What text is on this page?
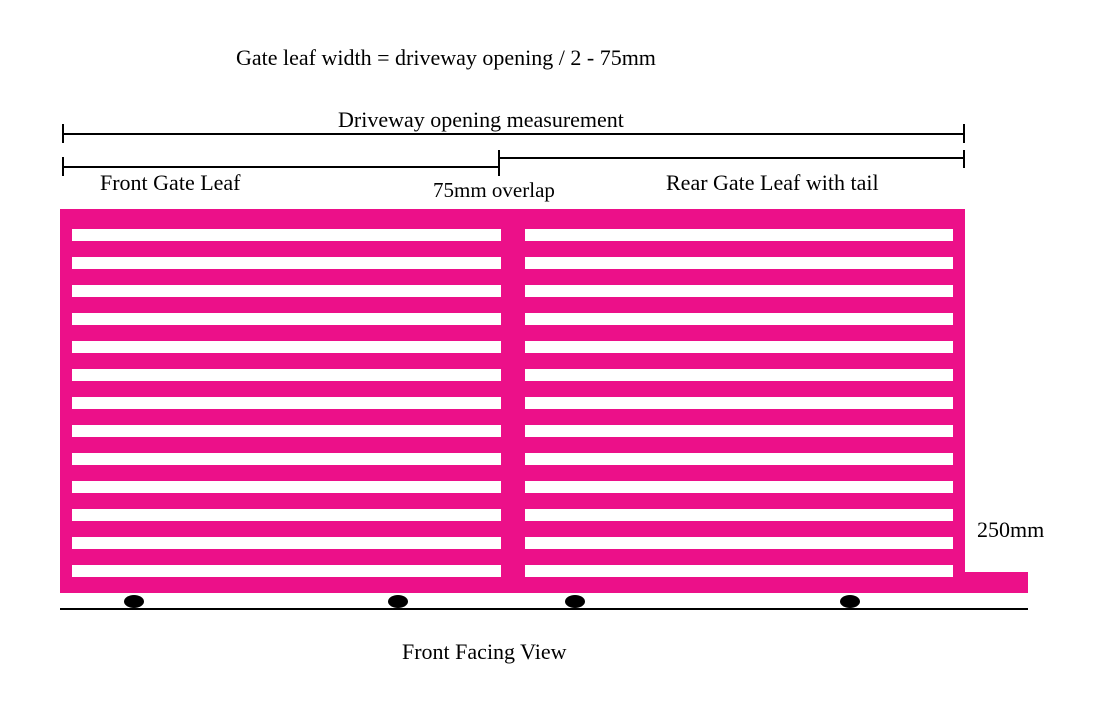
Gate leaf width = driveway opening / 2 - 75mm
Driveway opening measurement
Front Gate Leaf	75mm overlap	Rear Gate Leaf with tail
250mm
Front Facing View
